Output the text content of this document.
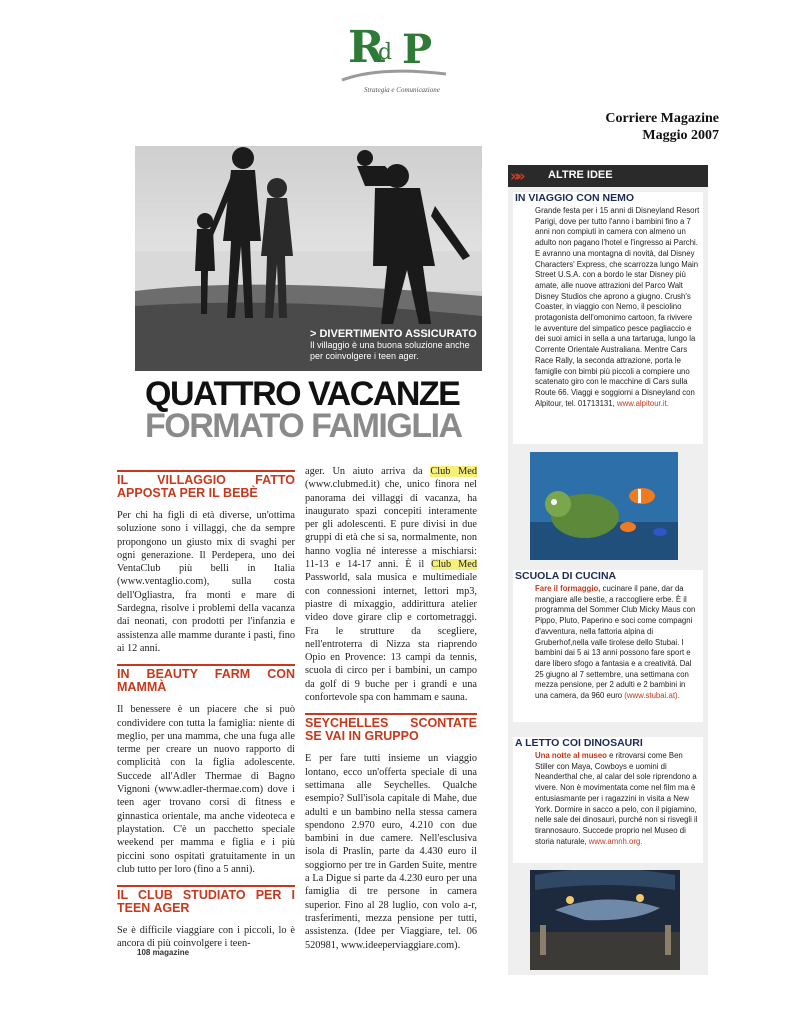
R
d P
Strategia e Comunicazione
Corriere Magazine
Maggio 2007
> DIVERTIMENTO ASSICURATO
Il villaggio è una buona soluzione anche per coinvolgere i teen ager.
QUATTRO VACANZE
FORMATO FAMIGLIA
IL VILLAGGIO FATTO APPOSTA PER IL BEBÈ

Per chi ha figli di età diverse, un'ottima soluzione sono i villaggi, che da sempre propongono un giusto mix di svaghi per ogni generazione. Il Perdepera, uno dei VentaClub più belli in Italia (www.ventaglio.com), sulla costa dell'Ogliastra, fra monti e mare di Sardegna, risolve i problemi della vacanza dai neonati, con prodotti per l'infanzia e assistenza alle mamme durante i pasti, fino ai 12 anni.

IN BEAUTY FARM CON MAMMÀ

Il benessere è un piacere che si può condividere con tutta la famiglia: niente di meglio, per una mamma, che una fuga alle terme per creare un nuovo rapporto di complicità con la figlia adolescente. Succede all'Adler Thermae di Bagno Vignoni (www.adler-thermae.com) dove i teen ager trovano corsi di fitness e ginnastica orientale, ma anche videoteca e playstation. C'è un pacchetto speciale weekend per mamma e figlia e i più piccini sono ospitati gratuitamente in un club tutto per loro (fino a 5 anni).

IL CLUB STUDIATO PER I TEEN AGER

Se è difficile viaggiare con i piccoli, lo è ancora di più coinvolgere i teen-

ager. Un aiuto arriva da Club Med (www.clubmed.it) che, unico finora nel panorama dei villaggi di vacanza, ha inaugurato spazi concepiti interamente per gli adolescenti. E pure divisi in due gruppi di età che si sa, normalmente, non hanno voglia né interesse a mischiarsi: 11-13 e 14-17 anni. È il Club Med Passworld, sala musica e multimediale con connessioni internet, lettori mp3, piastre di mixaggio, addirittura atelier video dove girare clip e cortometraggi. Fra le strutture da scegliere, nell'entroterra di Nizza sta riaprendo Opio en Provence: 13 campi da tennis, scuola di circo per i bambini, un campo da golf di 9 buche per i grandi e una confortevole spa con hammam e sauna.

SEYCHELLES SCONTATE SE VAI IN GRUPPO

E per fare tutti insieme un viaggio lontano, ecco un'offerta speciale di una settimana alle Seychelles. Qualche esempio? Sull'isola capitale di Mahe, due adulti e un bambino nella stessa camera spendono 2.970 euro, 4.210 con due bambini in due camere. Nell'esclusiva isola di Praslin, parte da 4.430 euro il soggiorno per tre in Garden Suite, mentre a La Digue si parte da 4.230 euro per una famiglia di tre persone in camera superior. Fino al 28 luglio, con volo a-r, trasferimenti, mezza pensione per tutti, assistenza. (Idee per Viaggiare, tel. 06 520981, www.ideeperviaggiare.com).

108 magazine
»» ALTRE IDEE
IN VIAGGIO CON NEMO
Grande festa per i 15 anni di Disneyland Resort Parigi, dove per tutto l'anno i bambini fino a 7 anni non compiuti in camera con almeno un adulto non pagano l'hotel e l'ingresso ai Parchi. E avranno una montagna di novità, dal Disney Characters' Express, che scarrozza lungo Main Street U.S.A. con a bordo le star Disney più amate, alle nuove attrazioni del Parco Walt Disney Studios che aprono a giugno. Crush's Coaster, in viaggio con Nemo, il pesciolino protagonista dell'omonimo cartoon, fa rivivere le avventure del simpatico pesce pagliaccio e dei suoi amici in sella a una tartaruga, lungo la Corrente Orientale Australiana. Mentre Cars Race Rally, la seconda attrazione, porta le famiglie con bimbi più piccoli a compiere uno scatenato giro con le macchine di Cars sulla Route 66. Viaggi e soggiorni a Disneyland con Alpitour, tel. 01713131, www.alpitour.it.
SCUOLA DI CUCINA
Fare il formaggio, cucinare il pane, dar da mangiare alle bestie, a raccogliere erbe. È il programma del Sommer Club Micky Maus con Pippo, Pluto, Paperino e soci come compagni d'avventura, nella fattoria alpina di Gruberhof,nella valle tirolese dello Stubai. I bambini dai 5 ai 13 anni possono fare sport e dare libero sfogo a fantasia e a creatività. Dal 25 giugno al 7 settembre, una settimana con mezza pensione, per 2 adulti e 2 bambini in una camera, da 960 euro (www.stubai.at).
A LETTO COI DINOSAURI
Una notte al museo e ritrovarsi come Ben Stiller con Maya, Cowboys e uomini di Neanderthal che, al calar del sole riprendono a vivere. Non è movimentata come nel film ma è entusiasmante per i ragazzini in visita a New York. Dormire in sacco a pelo, con il pigiamino, nelle sale dei dinosauri, purché non si risvegli il tirannosauro. Succede proprio nel Museo di storia naturale, www.amnh.org.
